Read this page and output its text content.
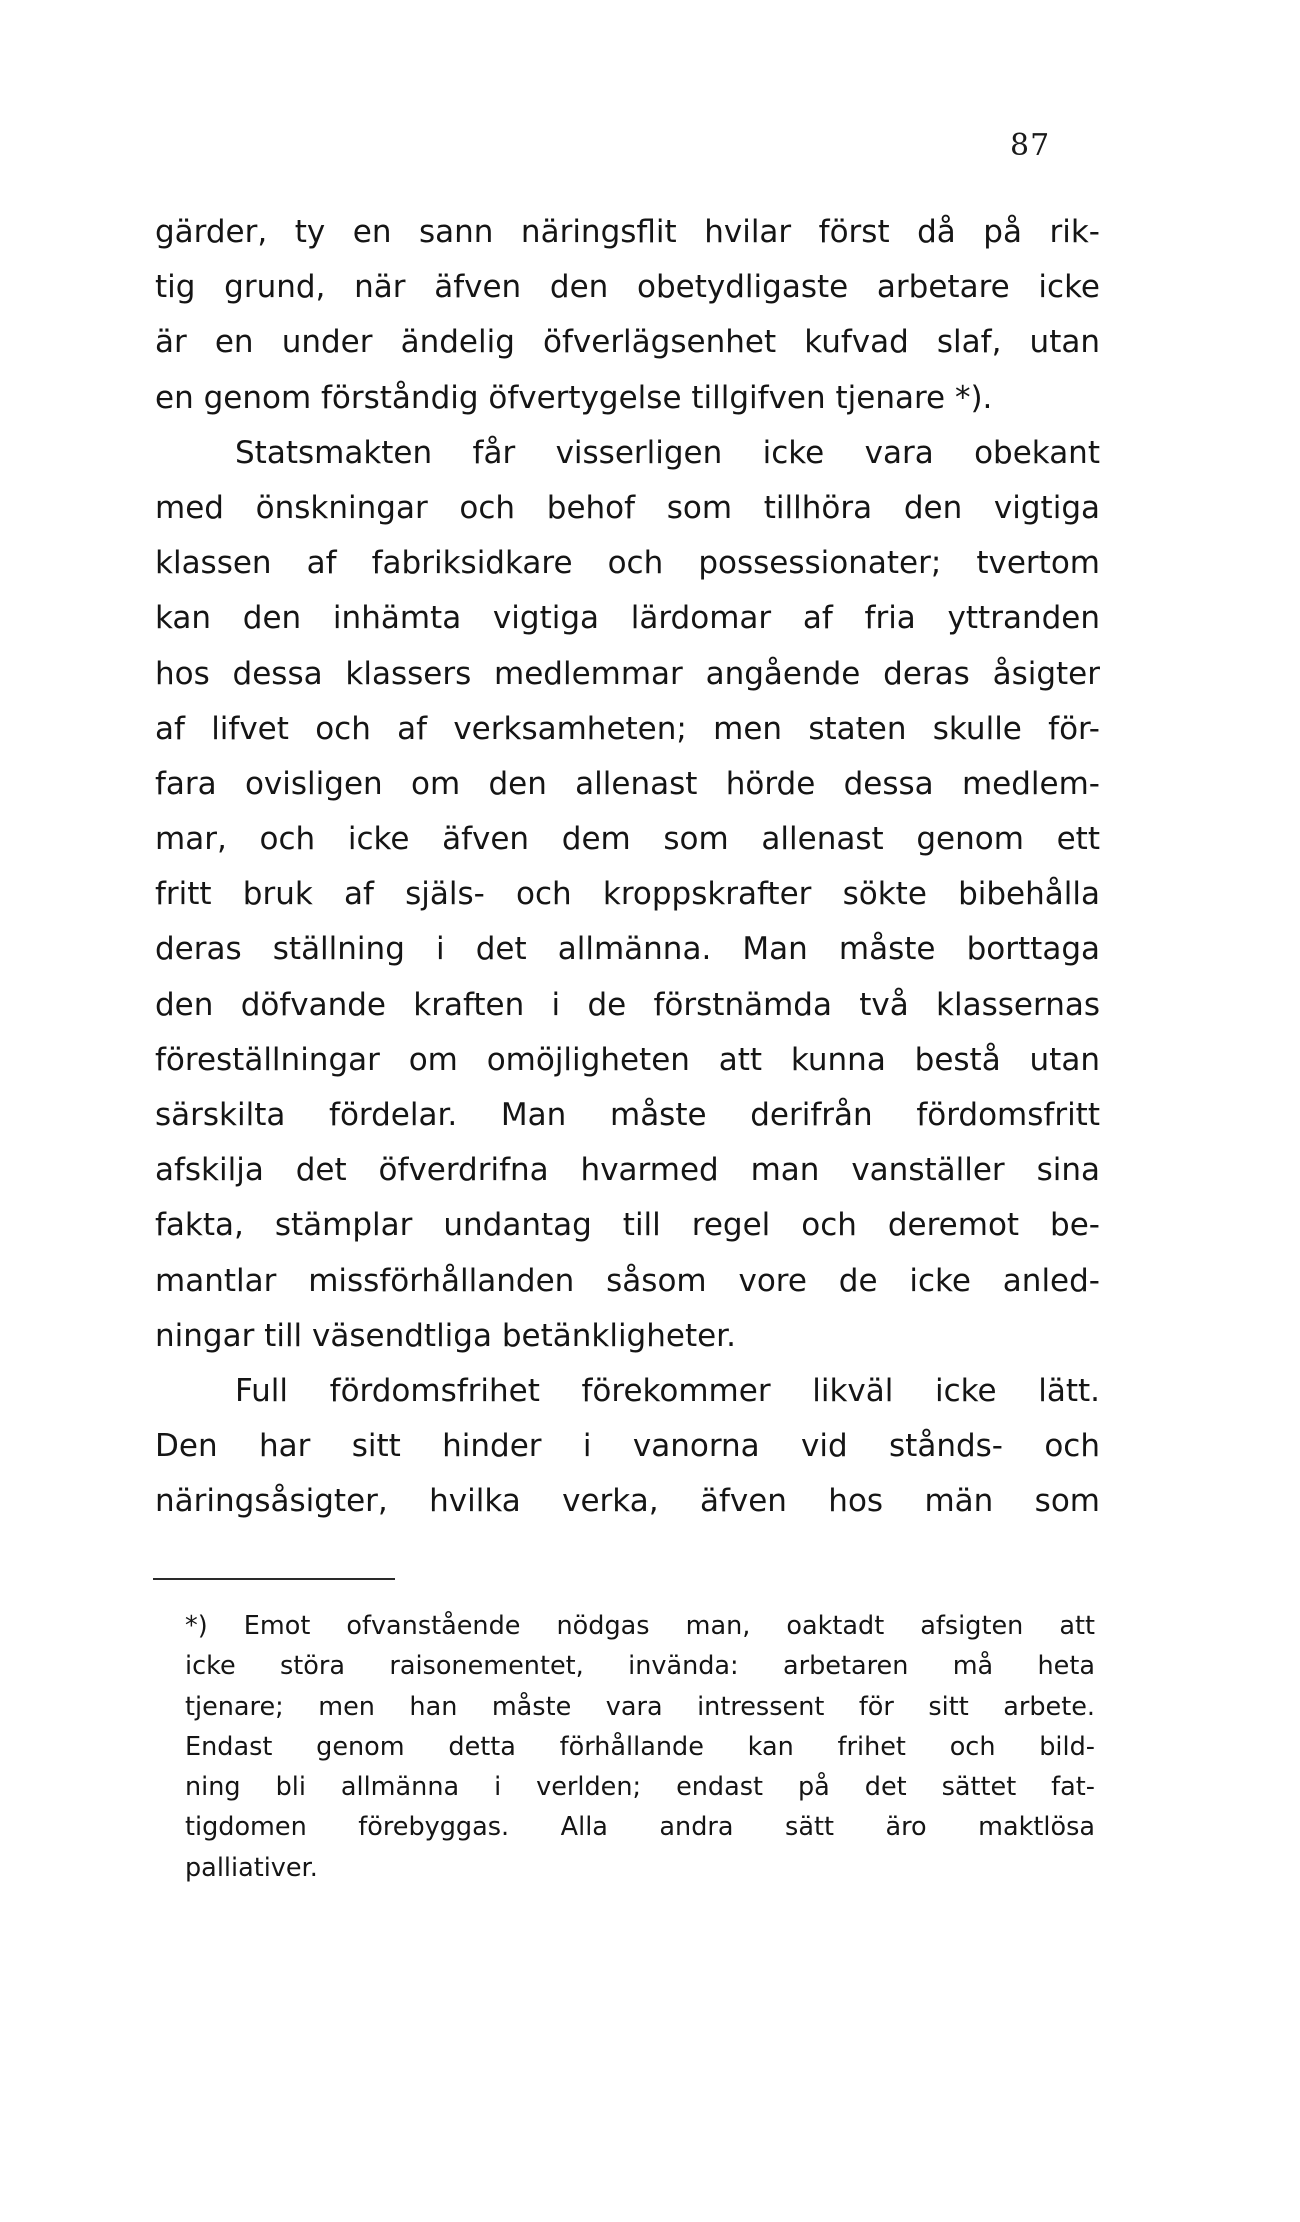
87
gärder, ty en sann näringsflit hvilar först då på rik-
tig grund, när äfven den obetydligaste arbetare icke
är en under ändelig öfverlägsenhet kufvad slaf, utan
en genom förståndig öfvertygelse tillgifven tjenare *).
Statsmakten får visserligen icke vara obekant
med önskningar och behof som tillhöra den vigtiga
klassen af fabriksidkare och possessionater; tvertom
kan den inhämta vigtiga lärdomar af fria yttranden
hos dessa klassers medlemmar angående deras åsigter
af lifvet och af verksamheten; men staten skulle för-
fara ovisligen om den allenast hörde dessa medlem-
mar, och icke äfven dem som allenast genom ett
fritt bruk af själs- och kroppskrafter sökte bibehålla
deras ställning i det allmänna. Man måste borttaga
den döfvande kraften i de förstnämda två klassernas
föreställningar om omöjligheten att kunna bestå utan
särskilta fördelar. Man måste derifrån fördomsfritt
afskilja det öfverdrifna hvarmed man vanställer sina
fakta, stämplar undantag till regel och deremot be-
mantlar missförhållanden såsom vore de icke anled-
ningar till väsendtliga betänkligheter.
Full fördomsfrihet förekommer likväl icke lätt.
Den har sitt hinder i vanorna vid stånds- och
näringsåsigter, hvilka verka, äfven hos män som
*) Emot ofvanstående nödgas man, oaktadt afsigten att
icke störa raisonementet, invända: arbetaren må heta
tjenare; men han måste vara intressent för sitt arbete.
Endast genom detta förhållande kan frihet och bild-
ning bli allmänna i verlden; endast på det sättet fat-
tigdomen förebyggas. Alla andra sätt äro maktlösa
palliativer.
